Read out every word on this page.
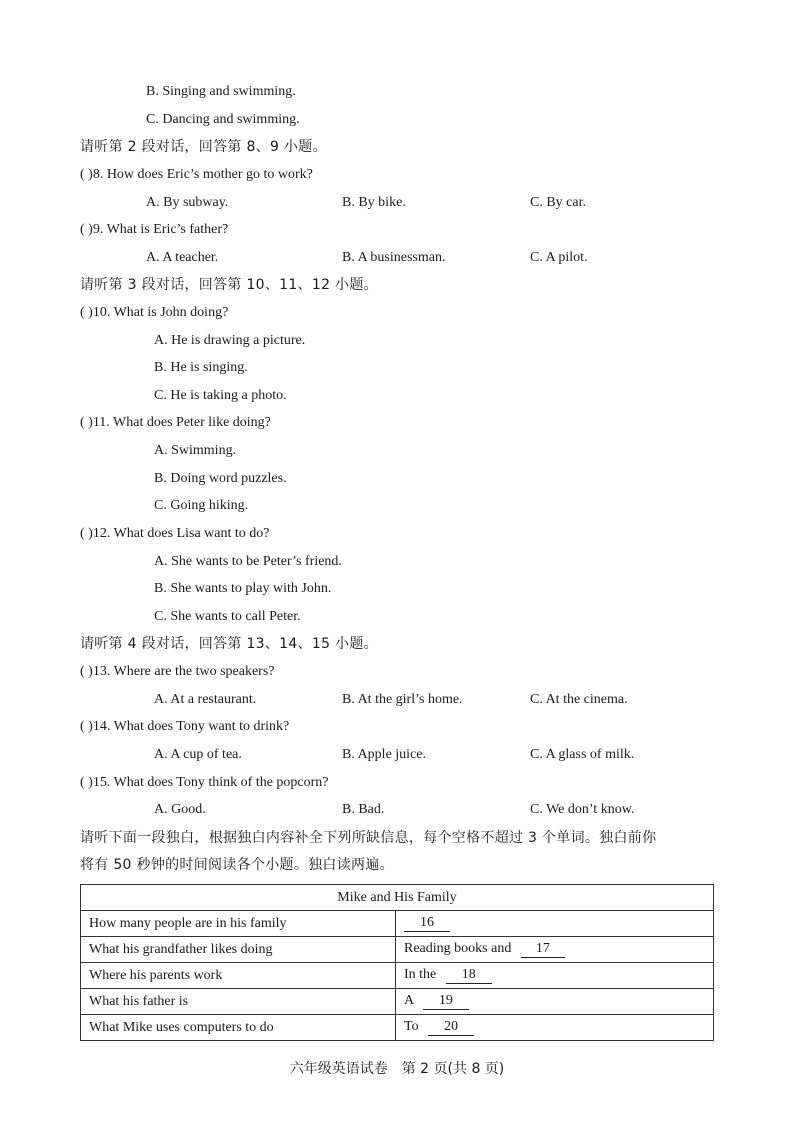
B. Singing and swimming.
C. Dancing and swimming.
请听第 2 段对话，回答第 8、9 小题。
( )8. How does Eric’s mother go to work?
A. By subway.	B. By bike.	C. By car.
( )9. What is Eric’s father?
A. A teacher.	B. A businessman.	C. A pilot.
请听第 3 段对话，回答第 10、11、12 小题。
( )10. What is John doing?
A. He is drawing a picture.
B. He is singing.
C. He is taking a photo.
( )11. What does Peter like doing?
A. Swimming.
B. Doing word puzzles.
C. Going hiking.
( )12. What does Lisa want to do?
A. She wants to be Peter’s friend.
B. She wants to play with John.
C. She wants to call Peter.
请听第 4 段对话，回答第 13、14、15 小题。
( )13. Where are the two speakers?
A. At a restaurant.	B. At the girl’s home.	C. At the cinema.
( )14. What does Tony want to drink?
A. A cup of tea.	B. Apple juice.	C. A glass of milk.
( )15. What does Tony think of the popcorn?
A. Good.	B. Bad.	C. We don’t know.
请听下面一段独白，根据独白内容补全下列所缺信息，每个空格不超过 3 个单词。独白前你
将有 50 秒钟的时间阅读各个小题。独白读两遍。
Mike and His Family	
How many people are in his family	16
What his grandfather likes doing	Reading books and 17
Where his parents work	In the 18
What his father is	A 19
What Mike uses computers to do	To 20
六年级英语试卷　第 2 页(共 8 页)
